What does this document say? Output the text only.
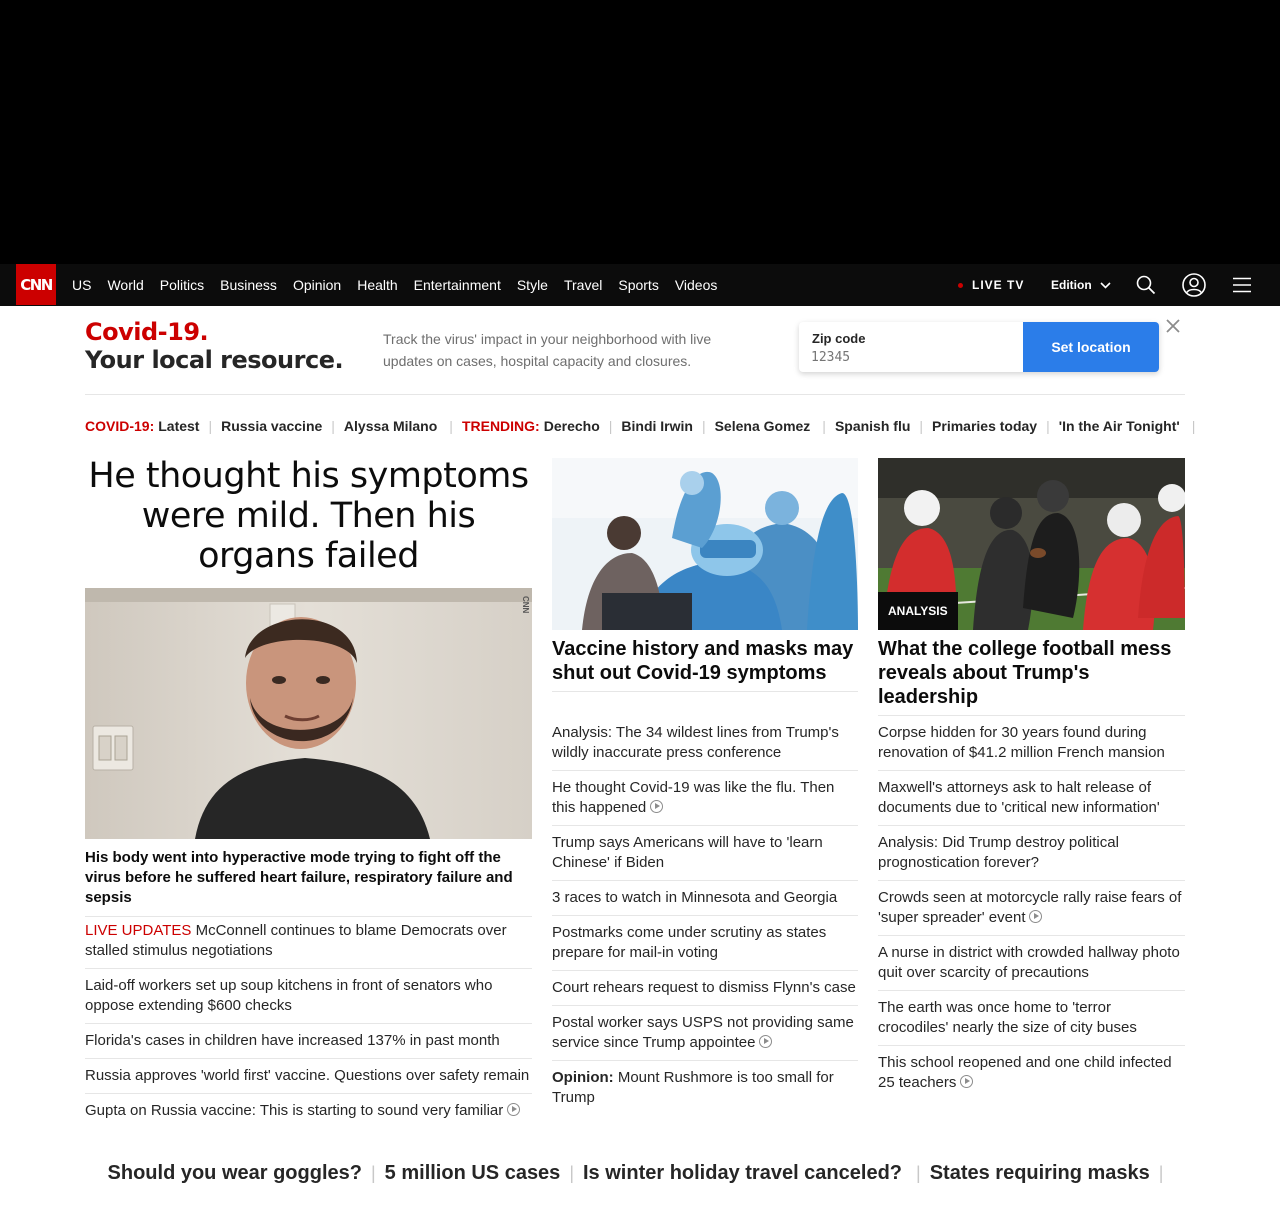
CNN US World Politics Business Opinion Health Entertainment Style Travel Sports Videos	LIVE TV Edition
Covid-19.
Your local resource.
Track the virus' impact in your neighborhood with live updates on cases, hospital capacity and closures.
Zip code
12345
Set location
COVID-19: Latest | Russia vaccine | Alyssa Milano | TRENDING: Derecho | Bindi Irwin | Selena Gomez | Spanish flu | Primaries today | 'In the Air Tonight' |
He thought his symptoms were mild. Then his organs failed
CNN
His body went into hyperactive mode trying to fight off the virus before he suffered heart failure, respiratory failure and sepsis
LIVE UPDATES McConnell continues to blame Democrats over stalled stimulus negotiations
Laid-off workers set up soup kitchens in front of senators who oppose extending $600 checks
Florida's cases in children have increased 137% in past month
Russia approves 'world first' vaccine. Questions over safety remain
Gupta on Russia vaccine: This is starting to sound very familiar
Vaccine history and masks may shut out Covid-19 symptoms
Analysis: The 34 wildest lines from Trump's wildly inaccurate press conference
He thought Covid-19 was like the flu. Then this happened
Trump says Americans will have to 'learn Chinese' if Biden
3 races to watch in Minnesota and Georgia
Postmarks come under scrutiny as states prepare for mail-in voting
Court rehears request to dismiss Flynn's case
Postal worker says USPS not providing same service since Trump appointee
Opinion: Mount Rushmore is too small for Trump
ANALYSIS
What the college football mess reveals about Trump's leadership
Corpse hidden for 30 years found during renovation of $41.2 million French mansion
Maxwell's attorneys ask to halt release of documents due to 'critical new information'
Analysis: Did Trump destroy political prognostication forever?
Crowds seen at motorcycle rally raise fears of 'super spreader' event
A nurse in district with crowded hallway photo quit over scarcity of precautions
The earth was once home to 'terror crocodiles' nearly the size of city buses
This school reopened and one child infected 25 teachers
Should you wear goggles? | 5 million US cases | Is winter holiday travel canceled? | States requiring masks |
